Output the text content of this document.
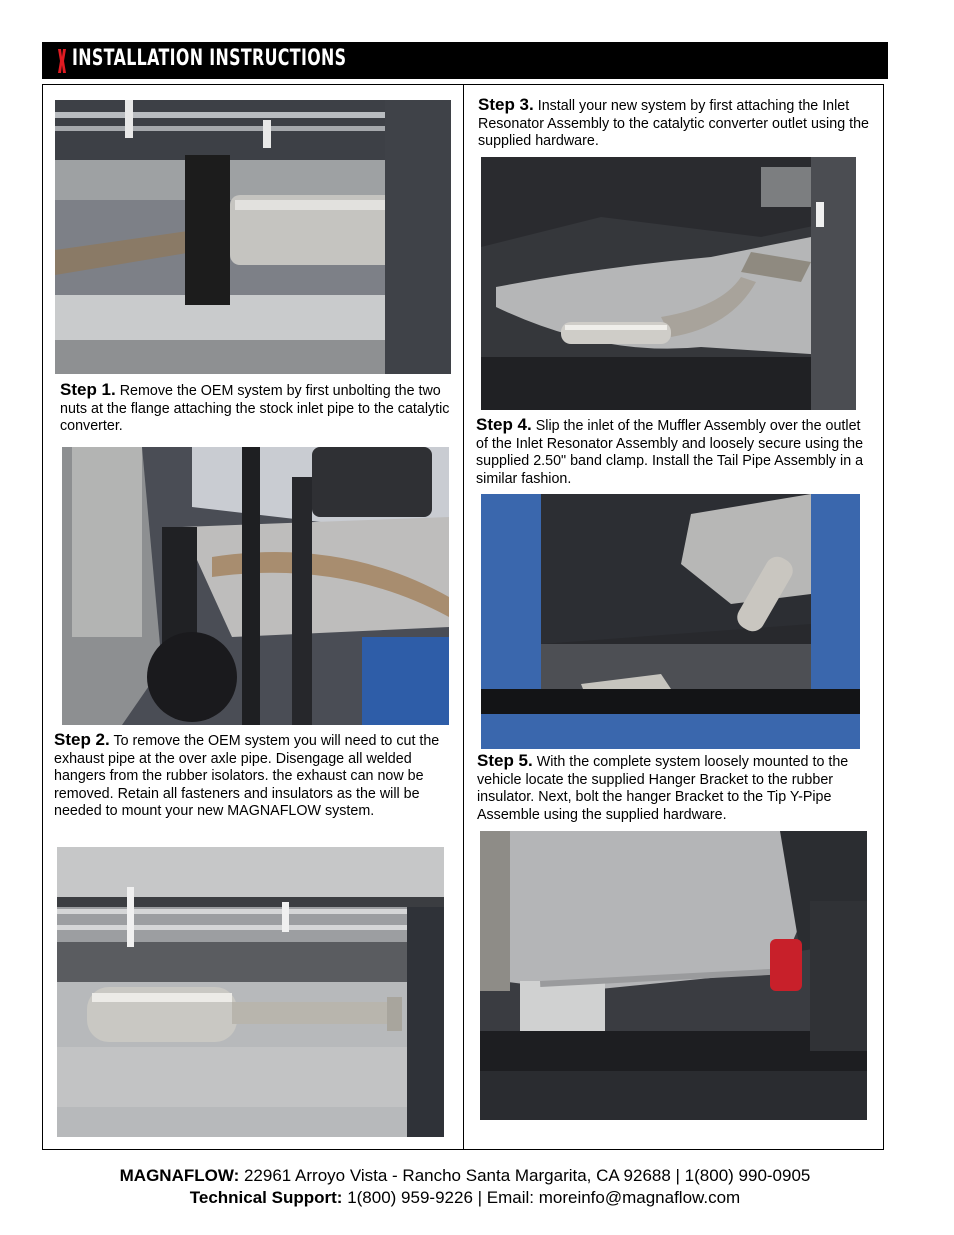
INSTALLATION INSTRUCTIONS
Step 1. Remove the OEM system by first unbolting the two nuts at the flange attaching the stock inlet pipe to the catalytic converter.
Step 2. To remove the OEM system you will need to cut the exhaust pipe at the over axle pipe. Disengage all welded hangers from the rubber isolators. the exhaust can now be removed. Retain all fasteners and insulators as the will be needed to mount your new MAGNAFLOW system.
Step 3. Install your new system by first attaching the Inlet Resonator Assembly to the catalytic converter outlet using the supplied hardware.
Step 4. Slip the inlet of the Muffler Assembly over the outlet of the Inlet Resonator Assembly and loosely secure using the supplied 2.50" band clamp. Install the Tail Pipe Assembly in a similar fashion.
Step 5. With the complete system loosely mounted to the vehicle locate the supplied Hanger Bracket to the rubber insulator. Next, bolt the hanger Bracket to the Tip Y-Pipe Assemble using the supplied hardware.
MAGNAFLOW: 22961 Arroyo Vista - Rancho Santa Margarita, CA 92688 | 1(800) 990-0905
Technical Support: 1(800) 959-9226 | Email: moreinfo@magnaflow.com
